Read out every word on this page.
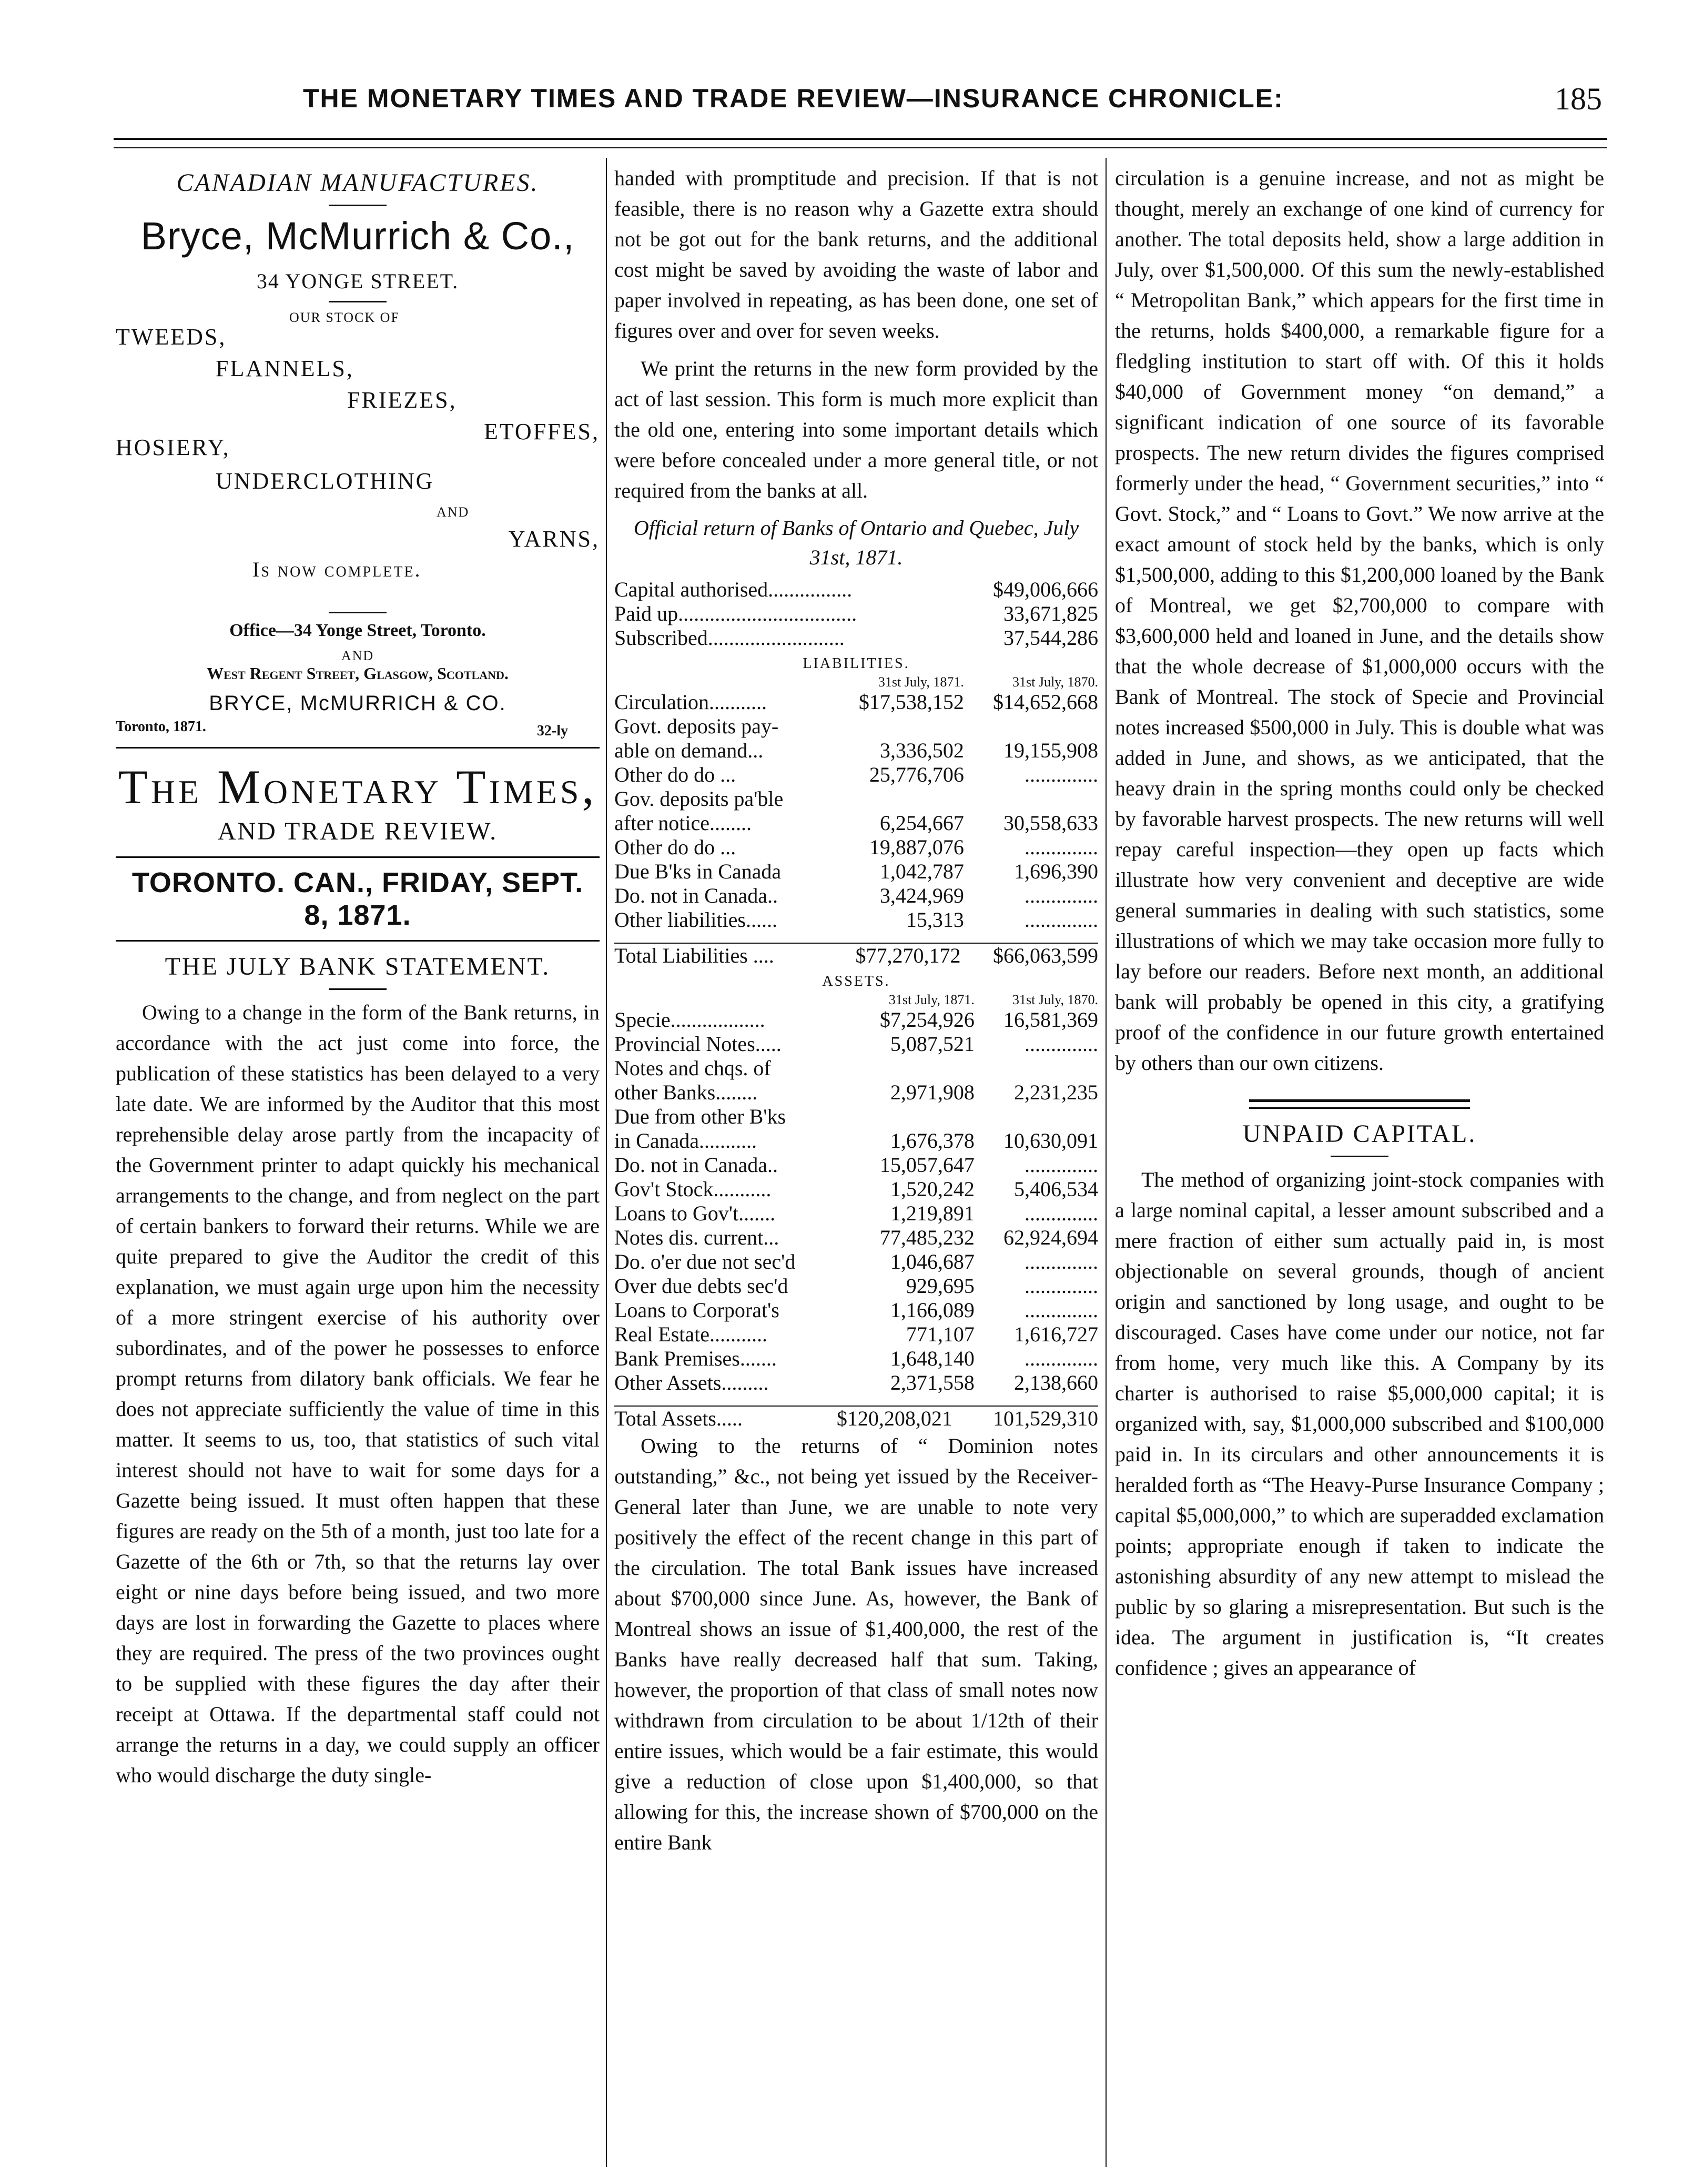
THE MONETARY TIMES AND TRADE REVIEW—INSURANCE CHRONICLE:	185
CANADIAN MANUFACTURES.
Bryce, McMurrich & Co.,
34 YONGE STREET.
OUR STOCK OF
TWEEDS,
FLANNELS,
FRIEZES,
ETOFFES,
HOSIERY,
UNDERCLOTHING
AND
YARNS,
Is now complete.
Office—34 Yonge Street, Toronto.
AND
West Regent Street, Glasgow, Scotland.
BRYCE, McMURRICH & CO.
Toronto, 1871.	32-ly
The Monetary Times,
AND TRADE REVIEW.
TORONTO. CAN., FRIDAY, SEPT. 8, 1871.
THE JULY BANK STATEMENT.

Owing to a change in the form of the Bank returns, in accordance with the act just come into force, the publication of these statistics has been delayed to a very late date. We are informed by the Auditor that this most reprehensible delay arose partly from the incapacity of the Government printer to adapt quickly his mechanical arrangements to the change, and from neglect on the part of certain bankers to forward their returns. While we are quite prepared to give the Auditor the credit of this explanation, we must again urge upon him the necessity of a more stringent exercise of his authority over subordinates, and of the power he possesses to enforce prompt returns from dilatory bank officials. We fear he does not appreciate sufficiently the value of time in this matter. It seems to us, too, that statistics of such vital interest should not have to wait for some days for a Gazette being issued. It must often happen that these figures are ready on the 5th of a month, just too late for a Gazette of the 6th or 7th, so that the returns lay over eight or nine days before being issued, and two more days are lost in forwarding the Gazette to places where they are required. The press of the two provinces ought to be supplied with these figures the day after their receipt at Ottawa. If the departmental staff could not arrange the returns in a day, we could supply an officer who would discharge the duty single-

handed with promptitude and precision. If that is not feasible, there is no reason why a Gazette extra should not be got out for the bank returns, and the additional cost might be saved by avoiding the waste of labor and paper involved in repeating, as has been done, one set of figures over and over for seven weeks.

We print the returns in the new form provided by the act of last session. This form is much more explicit than the old one, entering into some important details which were before concealed under a more general title, or not required from the banks at all.

Official return of Banks of Ontario and Quebec, July 31st, 1871.
Capital authorised................	$49,006,666
Paid up..................................	33,671,825
Subscribed..........................	37,544,286
LIABILITIES.
	31st July, 1871.	31st July, 1870.
Circulation...........	$17,538,152	$14,652,668
Govt. deposits pay-		
able on demand...	3,336,502	19,155,908
Other do do ...	25,776,706	..............
Gov. deposits pa'ble		
after notice........	6,254,667	30,558,633
Other do do ...	19,887,076	..............
Due B'ks in Canada	1,042,787	1,696,390
Do. not in Canada..	3,424,969	..............
Other liabilities......	15,313	..............
Total Liabilities ....	$77,270,172	$66,063,599
ASSETS.
	31st July, 1871.	31st July, 1870.
Specie..................	$7,254,926	16,581,369
Provincial Notes.....	5,087,521	..............
Notes and chqs. of		
other Banks........	2,971,908	2,231,235
Due from other B'ks		
in Canada...........	1,676,378	10,630,091
Do. not in Canada..	15,057,647	..............
Gov't Stock...........	1,520,242	5,406,534
Loans to Gov't.......	1,219,891	..............
Notes dis. current...	77,485,232	62,924,694
Do. o'er due not sec'd	1,046,687	..............
Over due debts sec'd	929,695	..............
Loans to Corporat's	1,166,089	..............
Real Estate...........	771,107	1,616,727
Bank Premises.......	1,648,140	..............
Other Assets.........	2,371,558	2,138,660
Total Assets.....	$120,208,021	101,529,310

Owing to the returns of “ Dominion notes outstanding,” &c., not being yet issued by the Receiver-General later than June, we are unable to note very positively the effect of the recent change in this part of the circulation. The total Bank issues have increased about $700,000 since June. As, however, the Bank of Montreal shows an issue of $1,400,000, the rest of the Banks have really decreased half that sum. Taking, however, the proportion of that class of small notes now withdrawn from circulation to be about 1/12th of their entire issues, which would be a fair estimate, this would give a reduction of close upon $1,400,000, so that allowing for this, the increase shown of $700,000 on the entire Bank

circulation is a genuine increase, and not as might be thought, merely an exchange of one kind of currency for another. The total deposits held, show a large addition in July, over $1,500,000. Of this sum the newly-established “ Metropolitan Bank,” which appears for the first time in the returns, holds $400,000, a remarkable figure for a fledgling institution to start off with. Of this it holds $40,000 of Government money “on demand,” a significant indication of one source of its favorable prospects. The new return divides the figures comprised formerly under the head, “ Government securities,” into “ Govt. Stock,” and “ Loans to Govt.” We now arrive at the exact amount of stock held by the banks, which is only $1,500,000, adding to this $1,200,000 loaned by the Bank of Montreal, we get $2,700,000 to compare with $3,600,000 held and loaned in June, and the details show that the whole decrease of $1,000,000 occurs with the Bank of Montreal. The stock of Specie and Provincial notes increased $500,000 in July. This is double what was added in June, and shows, as we anticipated, that the heavy drain in the spring months could only be checked by favorable harvest prospects. The new returns will well repay careful inspection—they open up facts which illustrate how very convenient and deceptive are wide general summaries in dealing with such statistics, some illustrations of which we may take occasion more fully to lay before our readers. Before next month, an additional bank will probably be opened in this city, a gratifying proof of the confidence in our future growth entertained by others than our own citizens.

UNPAID CAPITAL.

The method of organizing joint-stock companies with a large nominal capital, a lesser amount subscribed and a mere fraction of either sum actually paid in, is most objectionable on several grounds, though of ancient origin and sanctioned by long usage, and ought to be discouraged. Cases have come under our notice, not far from home, very much like this. A Company by its charter is authorised to raise $5,000,000 capital; it is organized with, say, $1,000,000 subscribed and $100,000 paid in. In its circulars and other announcements it is heralded forth as “The Heavy-Purse Insurance Company ; capital $5,000,000,” to which are superadded exclamation points; appropriate enough if taken to indicate the astonishing absurdity of any new attempt to mislead the public by so glaring a misrepresentation. But such is the idea. The argument in justification is, “It creates confidence ; gives an appearance of
